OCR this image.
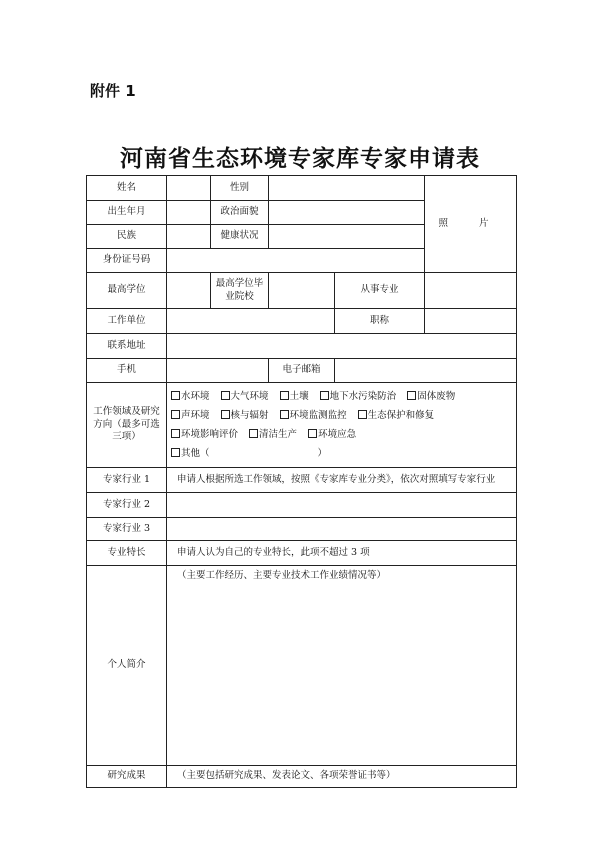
附件 1
河南省生态环境专家库专家申请表
姓名		性别			照 片
出生年月		政治面貌			
民族		健康状况			
身份证号码					
最高学位		最高学位毕业院校		从事专业	
工作单位				职称	
联系地址					
手机			电子邮箱		
工作领域及研究方向（最多可选三项）	水环境 大气环境 土壤 地下水污染防治 固体废物 声环境 核与辐射 环境监测监控 生态保护和修复 环境影响评价 清洁生产 环境应急 其他（ ）				
专家行业 1	申请人根据所选工作领域，按照《专家库专业分类》，依次对照填写专家行业				
专家行业 2					
专家行业 3					
专业特长	申请人认为自己的专业特长，此项不超过 3 项				
个人简介	（主要工作经历、主要专业技术工作业绩情况等）				
研究成果	（主要包括研究成果、发表论文、各项荣誉证书等）				
